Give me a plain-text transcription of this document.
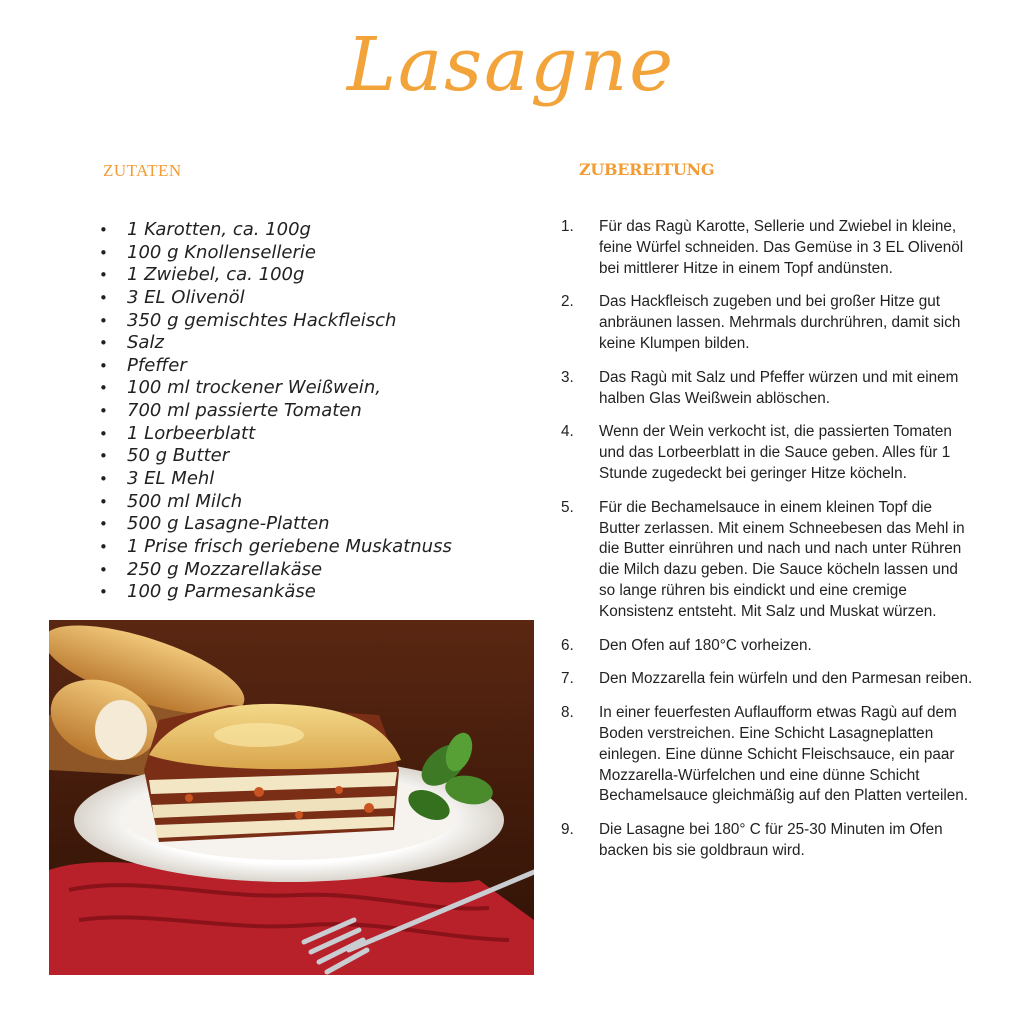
Lasagne
ZUTATEN	ZUBEREITUNG
• 1 Karotten, ca. 100g
• 100 g Knollensellerie
• 1 Zwiebel, ca. 100g
• 3 EL Olivenöl
• 350 g gemischtes Hackfleisch
• Salz
• Pfeffer
• 100 ml trockener Weißwein,
• 700 ml passierte Tomaten
• 1 Lorbeerblatt
• 50 g Butter
• 3 EL Mehl
• 500 ml Milch
• 500 g Lasagne-Platten
• 1 Prise frisch geriebene Muskatnuss
• 250 g Mozzarellakäse
• 100 g Parmesankäse
1.	Für das Ragù Karotte, Sellerie und Zwiebel in kleine, feine Würfel schneiden. Das Gemüse in 3 EL Olivenöl bei mittlerer Hitze in einem Topf andünsten.
2.	Das Hackfleisch zugeben und bei großer Hitze gut anbräunen lassen. Mehrmals durchrühren, damit sich keine Klumpen bilden.
3.	Das Ragù mit Salz und Pfeffer würzen und mit einem halben Glas Weißwein ablöschen.
4.	Wenn der Wein verkocht ist, die passierten Tomaten und das Lorbeerblatt in die Sauce geben. Alles für 1 Stunde zugedeckt bei geringer Hitze köcheln.
5.	Für die Bechamelsauce in einem kleinen Topf die Butter zerlassen. Mit einem Schneebesen das Mehl in die Butter einrühren und nach und nach unter Rühren die Milch dazu geben. Die Sauce köcheln lassen und so lange rühren bis eindickt und eine cremige Konsistenz entsteht. Mit Salz und Muskat würzen.
6.	Den Ofen auf 180°C vorheizen.
7.	Den Mozzarella fein würfeln und den Parmesan reiben.
8.	In einer feuerfesten Auflaufform etwas Ragù auf dem Boden verstreichen. Eine Schicht Lasagneplatten einlegen. Eine dünne Schicht Fleischsauce, ein paar Mozzarella-Würfelchen und eine dünne Schicht Bechamelsauce gleichmäßig auf den Platten verteilen.
9.	Die Lasagne bei 180° C für 25-30 Minuten im Ofen backen bis sie goldbraun wird.
